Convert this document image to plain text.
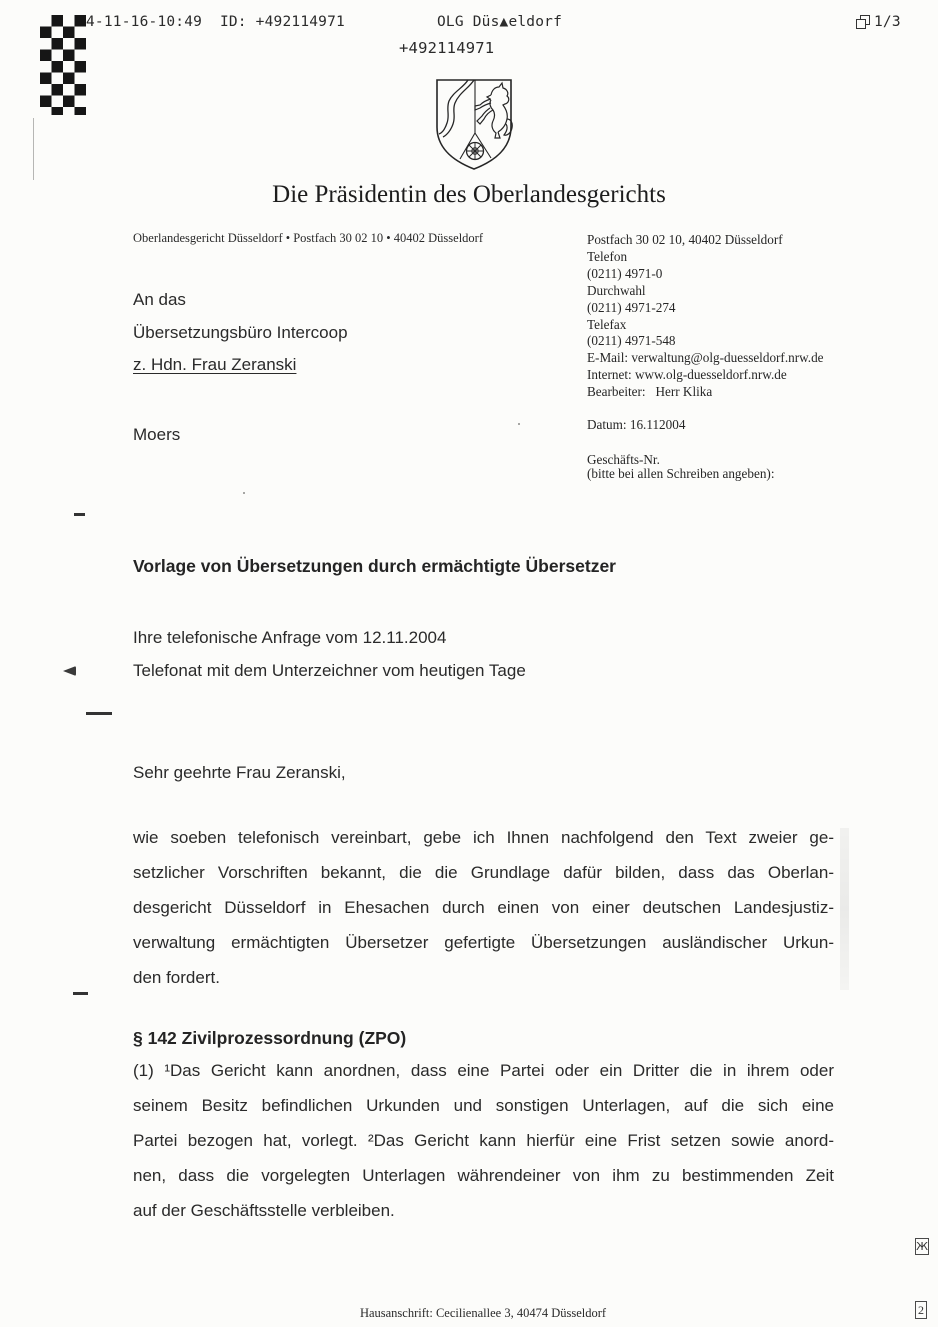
4-11-16-10:49  ID: +492114971	OLG Düs▲eldorf	1/3
+492114971
Die Präsidentin des Oberlandesgerichts
Oberlandesgericht Düsseldorf • Postfach 30 02 10 • 40402 Düsseldorf
An das
Übersetzungsbüro Intercoop
z. Hdn. Frau Zeranski
Moers
Postfach 30 02 10, 40402 Düsseldorf
Telefon
(0211) 4971-0
Durchwahl
(0211) 4971-274
Telefax
(0211) 4971-548
E-Mail: verwaltung@olg-duesseldorf.nrw.de
Internet: www.olg-duesseldorf.nrw.de
Bearbeiter:   Herr Klika
Datum: 16.112004
Geschäfts-Nr.
(bitte bei allen Schreiben angeben):
Vorlage von Übersetzungen durch ermächtigte Übersetzer
Ihre telefonische Anfrage vom 12.11.2004
Telefonat mit dem Unterzeichner vom heutigen Tage
Sehr geehrte Frau Zeranski,
wie soeben telefonisch vereinbart, gebe ich Ihnen nachfolgend den Text zweier ge-
setzlicher Vorschriften bekannt, die die Grundlage dafür bilden, dass das Oberlan-
desgericht Düsseldorf in Ehesachen durch einen von einer deutschen Landesjustiz-
verwaltung ermächtigten Übersetzer gefertigte Übersetzungen ausländischer Urkun-
den fordert.
§ 142 Zivilprozessordnung (ZPO)
(1) ¹Das Gericht kann anordnen, dass eine Partei oder ein Dritter die in ihrem oder
seinem Besitz befindlichen Urkunden und sonstigen Unterlagen, auf die sich eine
Partei bezogen hat, vorlegt. ²Das Gericht kann hierfür eine Frist setzen sowie anord-
nen, dass die vorgelegten Unterlagen währendeiner von ihm zu bestimmenden Zeit
auf der Geschäftsstelle verbleiben.
Hausanschrift: Cecilienallee 3, 40474 Düsseldorf
Ж
2
